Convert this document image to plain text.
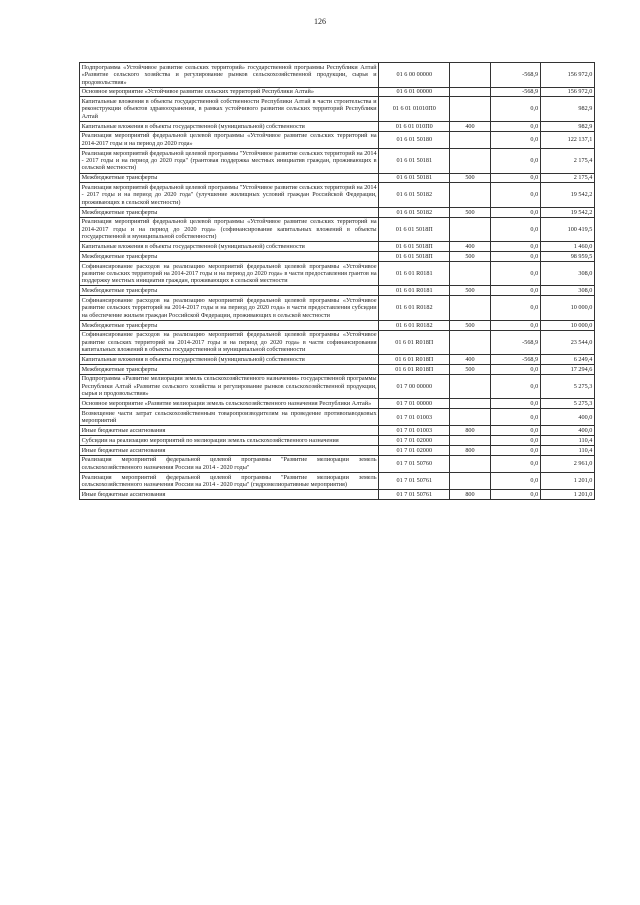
126
Подпрограмма «Устойчивое развитие сельских территорий» государственной программы Республики Алтай «Развитие сельского хозяйства и регулирование рынков сельскохозяйственной продукции, сырья и продовольствия»	01 6 00 00000		-568,9	156 972,0
Основное мероприятие «Устойчивое развитие сельских территорий Республики Алтай»	01 6 01 00000		-568,9	156 972,0
Капитальные вложения в объекты государственной собственности Республики Алтай в части строительства и реконструкции объектов здравоохранения, в рамках устойчивого развития сельских территорий Республики Алтай	01 6 01 01010П0		0,0	982,9
Капитальные вложения в объекты государственной (муниципальной) собственности	01 6 01 010П0	400	0,0	982,9
Реализация мероприятий федеральной целевой программы «Устойчивое развитие сельских территорий на 2014-2017 годы и на период до 2020 года»	01 6 01 50180		0,0	122 137,1
Реализация мероприятий федеральной целевой программы "Устойчивое развитие сельских территорий на 2014 - 2017 годы и на период до 2020 года" (грантовая поддержка местных инициатив граждан, проживающих в сельской местности)	01 6 01 50181		0,0	2 175,4
Межбюджетные трансферты	01 6 01 50181	500	0,0	2 175,4
Реализация мероприятий федеральной целевой программы "Устойчивое развитие сельских территорий на 2014 - 2017 годы и на период до 2020 года" (улучшение жилищных условий граждан Российской Федерации, проживающих в сельской местности)	01 6 01 50182		0,0	19 542,2
Межбюджетные трансферты	01 6 01 50182	500	0,0	19 542,2
Реализация мероприятий федеральной целевой программы «Устойчивое развитие сельских территорий на 2014-2017 годы и на период до 2020 года» (софинансирование капитальных вложений в объекты государственной и муниципальной собственности)	01 6 01 5018П		0,0	100 419,5
Капитальные вложения в объекты государственной (муниципальной) собственности	01 6 01 5018П	400	0,0	1 460,0
Межбюджетные трансферты	01 6 01 5018П	500	0,0	98 959,5
Софинансирование расходов на реализацию мероприятий федеральной целевой программы «Устойчивое развитие сельских территорий на 2014-2017 годы и на период до 2020 года» в части предоставления грантов на поддержку местных инициатив граждан, проживающих в сельской местности	01 6 01 R0181		0,0	308,0
Межбюджетные трансферты	01 6 01 R0181	500	0,0	308,0
Софинансирование расходов на реализацию мероприятий федеральной целевой программы «Устойчивое развитие сельских территорий на 2014-2017 годы и на период до 2020 года» в части предоставления субсидии на обеспечение жильем граждан Российской Федерации, проживающих в сельской местности	01 6 01 R0182		0,0	10 000,0
Межбюджетные трансферты	01 6 01 R0182	500	0,0	10 000,0
Софинансирование расходов на реализацию мероприятий федеральной целевой программы «Устойчивое развитие сельских территорий на 2014-2017 годы и на период до 2020 года» в части софинансирования капитальных вложений в объекты государственной и муниципальной собственности	01 6 01 R018П		-568,9	23 544,0
Капитальные вложения в объекты государственной (муниципальной) собственности	01 6 01 R018П	400	-568,9	6 249,4
Межбюджетные трансферты	01 6 01 R018П	500	0,0	17 294,6
Подпрограмма «Развитие мелиорации земель сельскохозяйственного назначения» государственной программы Республики Алтай «Развитие сельского хозяйства и регулирование рынков сельскохозяйственной продукции, сырья и продовольствия»	01 7 00 00000		0,0	5 275,3
Основное мероприятие «Развитие мелиорации земель сельскохозяйственного назначения Республики Алтай»	01 7 01 00000		0,0	5 275,3
Возмещение части затрат сельскохозяйственным товаропроизводителям на проведение противопаводковых мероприятий	01 7 01 01003		0,0	400,0
Иные бюджетные ассигнования	01 7 01 01003	800	0,0	400,0
Субсидии на реализацию мероприятий по мелиорации земель сельскохозяйственного назначения	01 7 01 02000		0,0	110,4
Иные бюджетные ассигнования	01 7 01 02000	800	0,0	110,4
Реализация мероприятий федеральной целевой программы "Развитие мелиорации земель сельскохозяйственного назначения России на 2014 - 2020 годы"	01 7 01 50760		0,0	2 961,0
Реализация мероприятий федеральной целевой программы "Развитие мелиорации земель сельскохозяйственного назначения России на 2014 - 2020 годы" (гидромелиоративные мероприятия)	01 7 01 50761		0,0	1 201,0
Иные бюджетные ассигнования	01 7 01 50761	800	0,0	1 201,0
